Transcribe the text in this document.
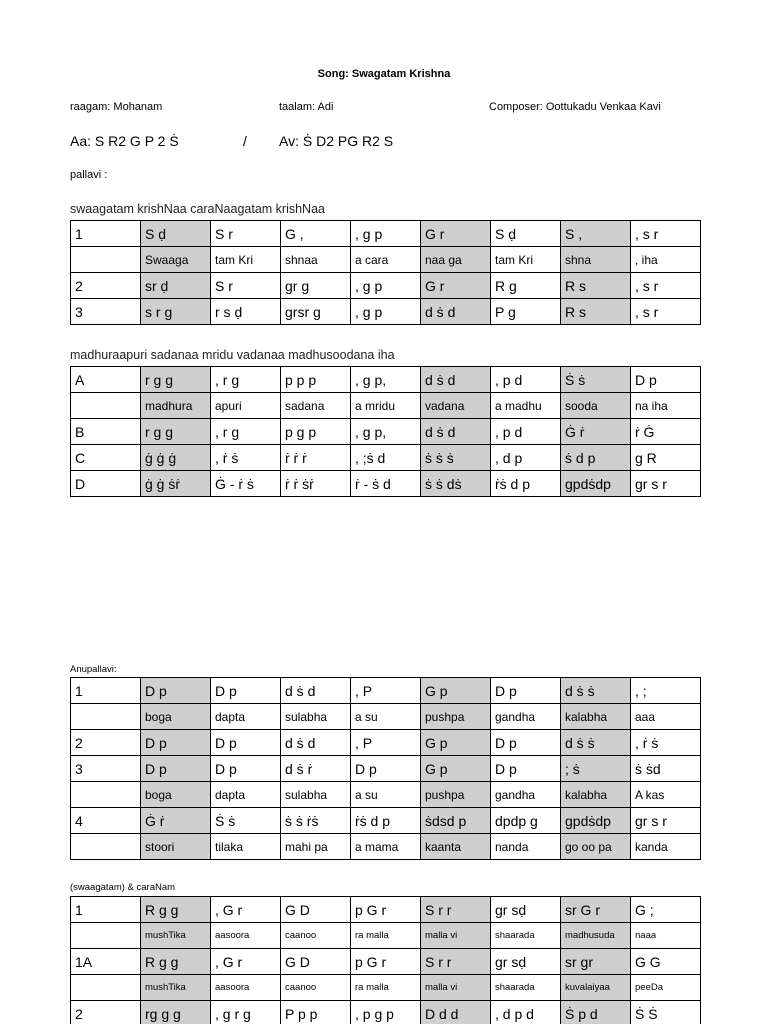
Song: Swagatam Krishna
raagam: Mohanam	taalam: Adi	Composer: Oottukadu Venkaa Kavi
Aa: S R2 G P 2 Ṡ	/ Av: Ṡ D2 PG R2 S
pallavi :
swaagatam krishNaa caraNaagatam krishNaa
1	S ḍ	S r	G ,	, g p	G r	S ḍ	S ,	, s r
	Swaaga	tam Kri	shnaa	a cara	naa ga	tam Kri	shna	, iha
2	sr ḍ	S r	gr g	, g p	G r	R g	R s	, s r
3	s r g	r s ḍ	grsr g	, g p	d ṡ d	P g	R s	, s r
madhuraapuri sadanaa mridu vadanaa madhusoodana iha
A	r g g	, r g	p p p	, g p,	d ṡ d	, p d	Ṡ ṡ	D p
	madhura	apuri	sadana	a mridu	vadana	a madhu	sooda	na iha
B	r g g	, r g	p g p	, g p,	d ṡ d	, p d	Ġ ṙ	ṙ Ġ
C	ġ ġ ġ	, ṙ ṡ	ṙ ṙ ṙ	, ;ṡ d	ṡ ṡ ṡ	, d p	ṡ d p	g R
D	ġ ġ ṡṙ	Ġ - ṙ ṡ	ṙ ṙ ṡṙ	ṙ - ṡ d	ṡ ṡ dṡ	ṙṡ d p	gpdṡdp	gr s r
Anupallavi:
1	D p	D p	d ṡ d	, P	G p	D p	d ṡ ṡ	, ;
	boga	dapta	sulabha	a su	pushpa	gandha	kalabha	aaa
2	D p	D p	d ṡ d	, P	G p	D p	d ṡ ṡ	, ṙ ṡ
3	D p	D p	d ṡ ṙ	D p	G p	D p	; ṡ	ṡ ṡd
	boga	dapta	sulabha	a su	pushpa	gandha	kalabha	A kas
4	Ġ ṙ	Ṡ ṡ	ṡ ṡ ṙṡ	ṙṡ d p	ṡdsd p	dpdp g	gpdṡdp	gr s r
	stoori	tilaka	mahi pa	a mama	kaanta	nanda	go oo pa	kanda
(swaagatam) & caraNam
1	R g g	, G r	G D	p G r	S r r	gr sḍ	sr G r	G ;
	mushTika	aasoora	caanoo	ra malla	malla vi	shaarada	madhusuda	naaa
1A	R g g	, G r	G D	p G r	S r r	gr sḍ	sr gr	G G
	mushTika	aasoora	caanoo	ra malla	malla vi	shaarada	kuvalaiyaa	peeDa
2	rg g g	, g r g	P p p	, p g p	D d d	, d p d	Ṡ p d	Ṡ Ṡ
